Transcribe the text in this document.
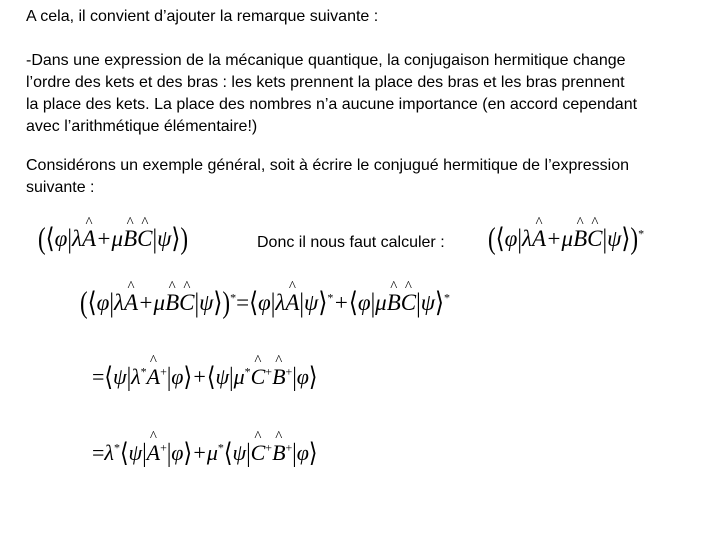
A cela, il convient d’ajouter la remarque suivante :
-Dans une expression de la mécanique quantique, la conjugaison hermitique change
l’ordre des kets et des bras : les kets prennent la place des bras et les bras prennent
la place des kets. La place des nombres n’a aucune importance (en accord cependant
avec l’arithmétique élémentaire!)
Considérons un exemple général, soit à écrire le conjugué hermitique de l’expression
suivante :
(⟨φ|λ^ A+μ^ B^ C|ψ⟩)	Donc il nous faut calculer : (⟨φ|λ^ A+μ^ B^ C|ψ⟩)*
(⟨φ|λ^ A+μ^ B^ C|ψ⟩)*=⟨φ|λ^ A|ψ⟩*+⟨φ|μ^ B^ C|ψ⟩*
=⟨ψ|λ*^ A+|φ⟩+⟨ψ|μ*^ C+^ B+|φ⟩
=λ*⟨ψ|^ A+|φ⟩+μ*⟨ψ|^ C+^ B+|φ⟩
